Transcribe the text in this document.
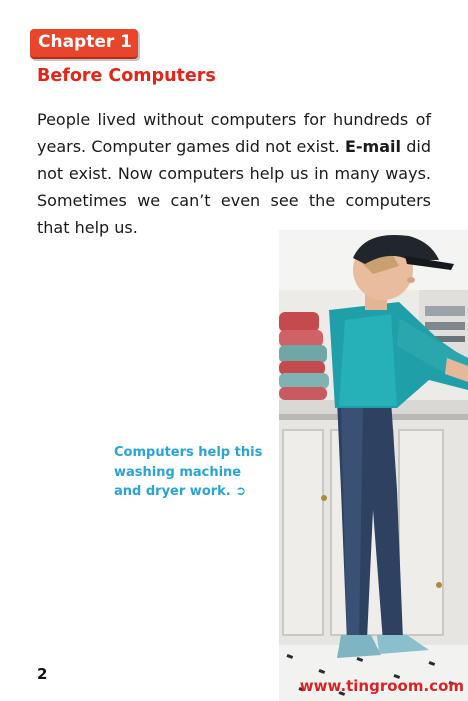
Chapter 1
Before Computers
People lived without computers for hundreds of years. Computer games did not exist. E-mail did not exist. Now computers help us in many ways. Sometimes we can’t even see the computers that help us.
Computers help this washing machine and dryer work. ➲
2
www.tingroom.com
